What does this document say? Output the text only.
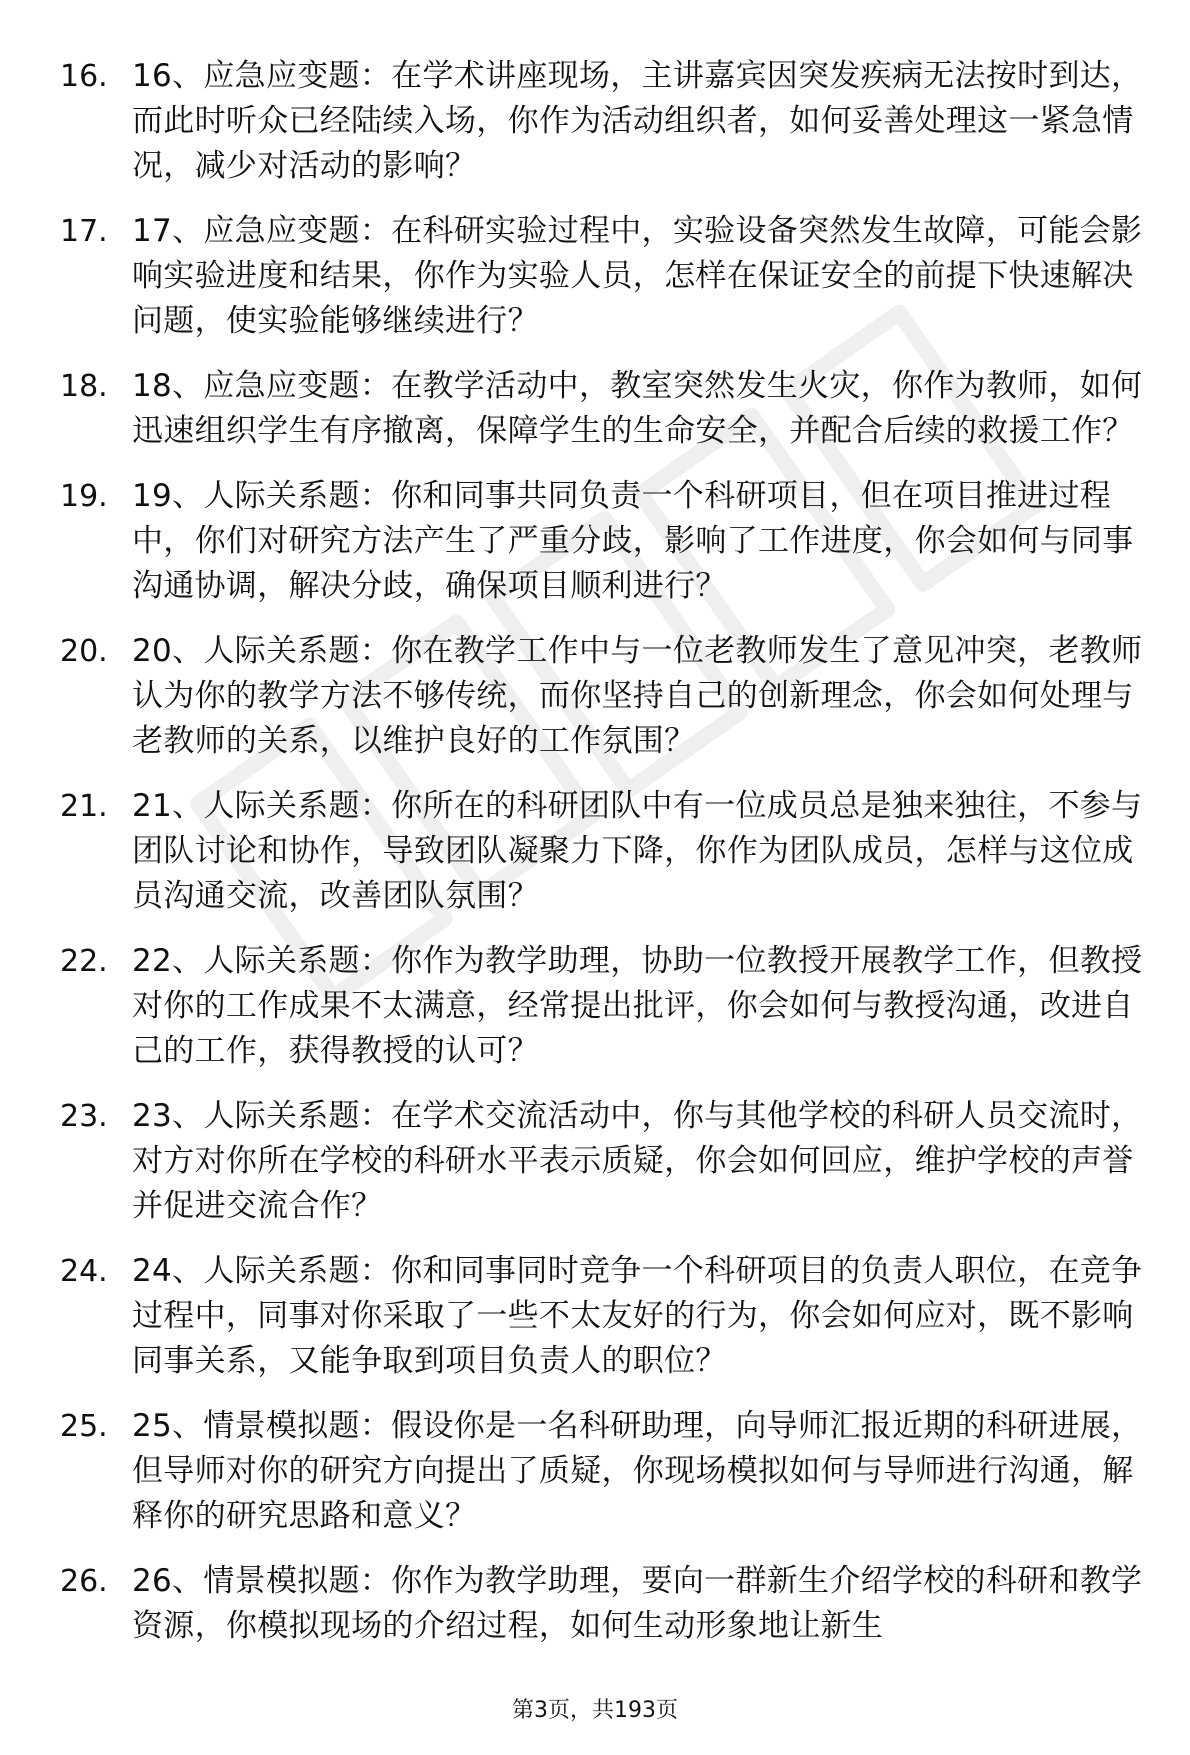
16. 16、应急应变题：在学术讲座现场，主讲嘉宾因突发疾病无法按时到达，而此时听众已经陆续入场，你作为活动组织者，如何妥善处理这一紧急情况，减少对活动的影响？
17. 17、应急应变题：在科研实验过程中，实验设备突然发生故障，可能会影响实验进度和结果，你作为实验人员，怎样在保证安全的前提下快速解决问题，使实验能够继续进行？
18. 18、应急应变题：在教学活动中，教室突然发生火灾，你作为教师，如何迅速组织学生有序撤离，保障学生的生命安全，并配合后续的救援工作？
19. 19、人际关系题：你和同事共同负责一个科研项目，但在项目推进过程中，你们对研究方法产生了严重分歧，影响了工作进度，你会如何与同事沟通协调，解决分歧，确保项目顺利进行？
20. 20、人际关系题：你在教学工作中与一位老教师发生了意见冲突，老教师认为你的教学方法不够传统，而你坚持自己的创新理念，你会如何处理与老教师的关系，以维护良好的工作氛围？
21. 21、人际关系题：你所在的科研团队中有一位成员总是独来独往，不参与团队讨论和协作，导致团队凝聚力下降，你作为团队成员，怎样与这位成员沟通交流，改善团队氛围？
22. 22、人际关系题：你作为教学助理，协助一位教授开展教学工作，但教授对你的工作成果不太满意，经常提出批评，你会如何与教授沟通，改进自己的工作，获得教授的认可？
23. 23、人际关系题：在学术交流活动中，你与其他学校的科研人员交流时，对方对你所在学校的科研水平表示质疑，你会如何回应，维护学校的声誉并促进交流合作？
24. 24、人际关系题：你和同事同时竞争一个科研项目的负责人职位，在竞争过程中，同事对你采取了一些不太友好的行为，你会如何应对，既不影响同事关系，又能争取到项目负责人的职位？
25. 25、情景模拟题：假设你是一名科研助理，向导师汇报近期的科研进展，但导师对你的研究方向提出了质疑，你现场模拟如何与导师进行沟通，解释你的研究思路和意义？
26. 26、情景模拟题：你作为教学助理，要向一群新生介绍学校的科研和教学资源，你模拟现场的介绍过程，如何生动形象地让新生
第3页，共193页
